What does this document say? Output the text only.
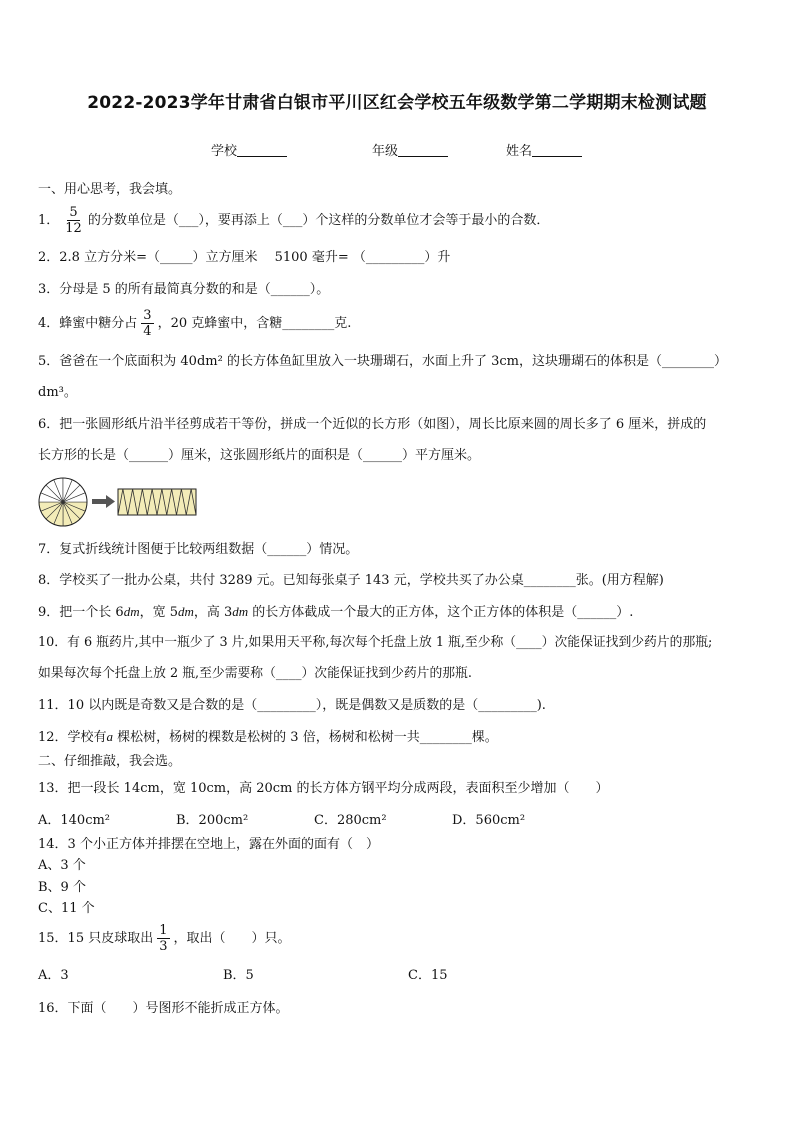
2022-2023学年甘肃省白银市平川区红会学校五年级数学第二学期期末检测试题
学校	年级	姓名
一、用心思考，我会填。
1． $\frac{5}{12}$ 的分数单位是（___），要再添上（___）个这样的分数单位才会等于最小的合数．
2．2.8 立方分米=（_____）立方厘米　 5100 毫升= （_________）升
3．分母是 5 的所有最简真分数的和是（______）。
4．蜂蜜中糖分占 $\frac{3}{4}$ ，20 克蜂蜜中，含糖________克.
5．爸爸在一个底面积为 40dm² 的长方体鱼缸里放入一块珊瑚石，水面上升了 3cm，这块珊瑚石的体积是（________）
dm³。
6．把一张圆形纸片沿半径剪成若干等份，拼成一个近似的长方形（如图），周长比原来圆的周长多了 6 厘米，拼成的
长方形的长是（______）厘米，这张圆形纸片的面积是（______）平方厘米。
7．复式折线统计图便于比较两组数据（______）情况。
8．学校买了一批办公桌，共付 3289 元。已知每张桌子 143 元，学校共买了办公桌________张。(用方程解)
9．把一个长 6dm，宽 5dm，高 3dm 的长方体截成一个最大的正方体，这个正方体的体积是（______）.
10．有 6 瓶药片,其中一瓶少了 3 片,如果用天平称,每次每个托盘上放 1 瓶,至少称（____）次能保证找到少药片的那瓶;
如果每次每个托盘上放 2 瓶,至少需要称（____）次能保证找到少药片的那瓶.
11．10 以内既是奇数又是合数的是（_________），既是偶数又是质数的是（_________).
12．学校有a 棵松树，杨树的棵数是松树的 3 倍，杨树和松树一共________棵。
二、仔细推敲，我会选。
13．把一段长 14cm，宽 10cm，高 20cm 的长方体方钢平均分成两段，表面积至少增加（　　）
A．140cm²	B．200cm²	C．280cm²	D．560cm²
14．3 个小正方体并排摆在空地上，露在外面的面有（　）
A、3 个
B、9 个
C、11 个
15．15 只皮球取出 $\frac{1}{3}$ ，取出（　　）只。
A．3	B．5	C．15
16．下面（　　）号图形不能折成正方体。
